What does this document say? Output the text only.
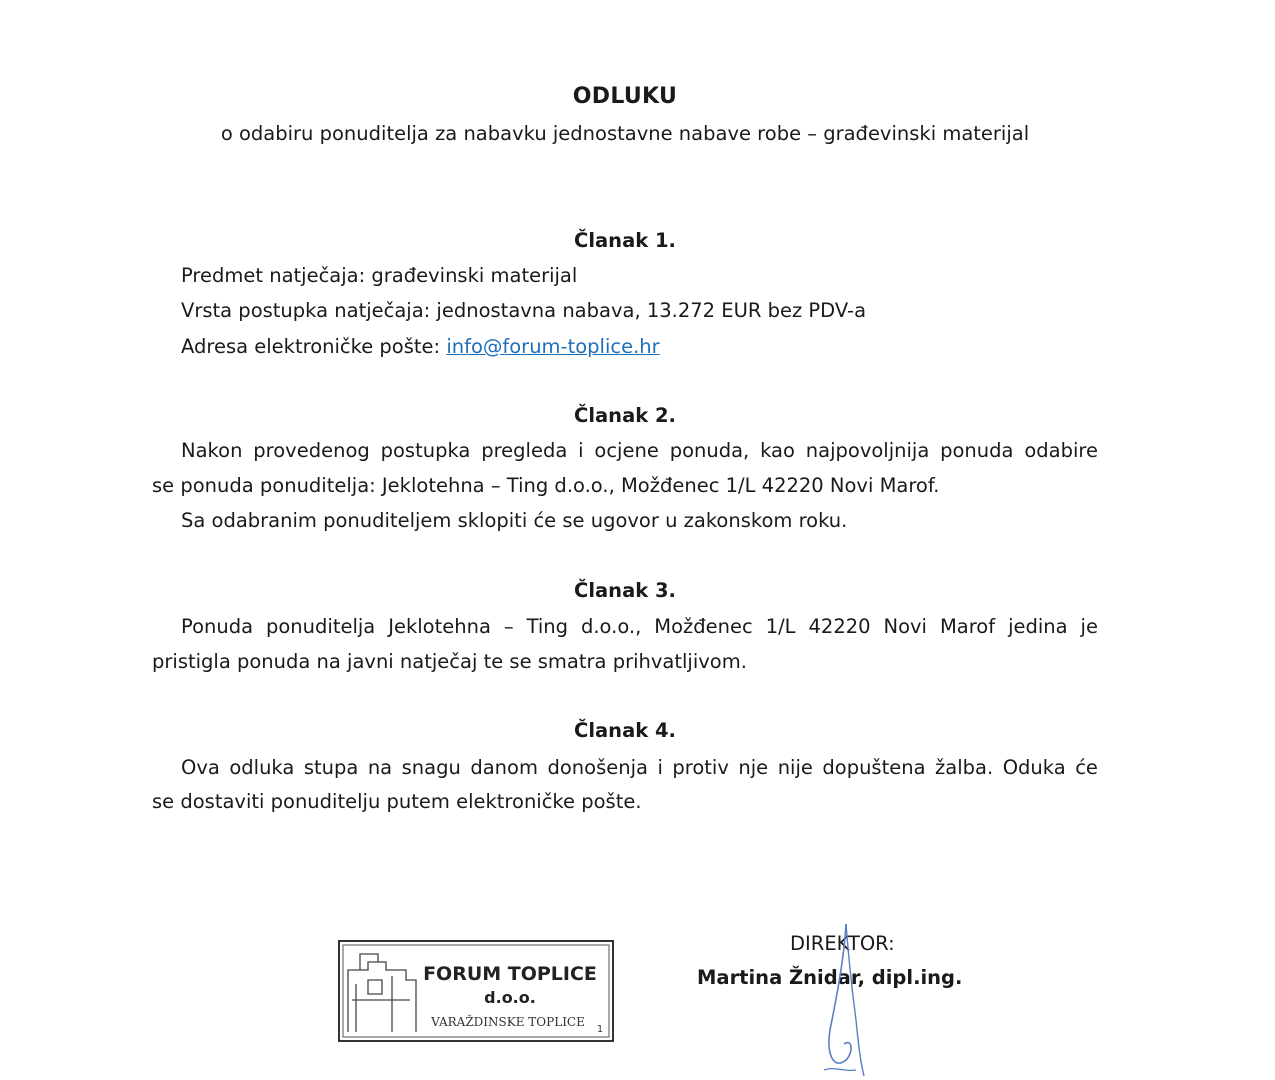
ODLUKU
o odabiru ponuditelja za nabavku jednostavne nabave robe – građevinski materijal
Članak 1.
Predmet natječaja: građevinski materijal
Vrsta postupka natječaja: jednostavna nabava, 13.272 EUR bez PDV-a
Adresa elektroničke pošte: info@forum-toplice.hr
Članak 2.
Nakon provedenog postupka pregleda i ocjene ponuda, kao najpovoljnija ponuda odabire
se ponuda ponuditelja: Jeklotehna – Ting d.o.o., Možđenec 1/L 42220 Novi Marof.
Sa odabranim ponuditeljem sklopiti će se ugovor u zakonskom roku.
Članak 3.
Ponuda ponuditelja Jeklotehna – Ting d.o.o., Možđenec 1/L 42220 Novi Marof jedina je
pristigla ponuda na javni natječaj te se smatra prihvatljivom.
Članak 4.
Ova odluka stupa na snagu danom donošenja i protiv nje nije dopuštena žalba. Oduka će
se dostaviti ponuditelju putem elektroničke pošte.
FORUM TOPLICE
d.o.o.
VARAŽDINSKE TOPLICE
1
DIREKTOR:
Martina Žnidar, dipl.ing.
